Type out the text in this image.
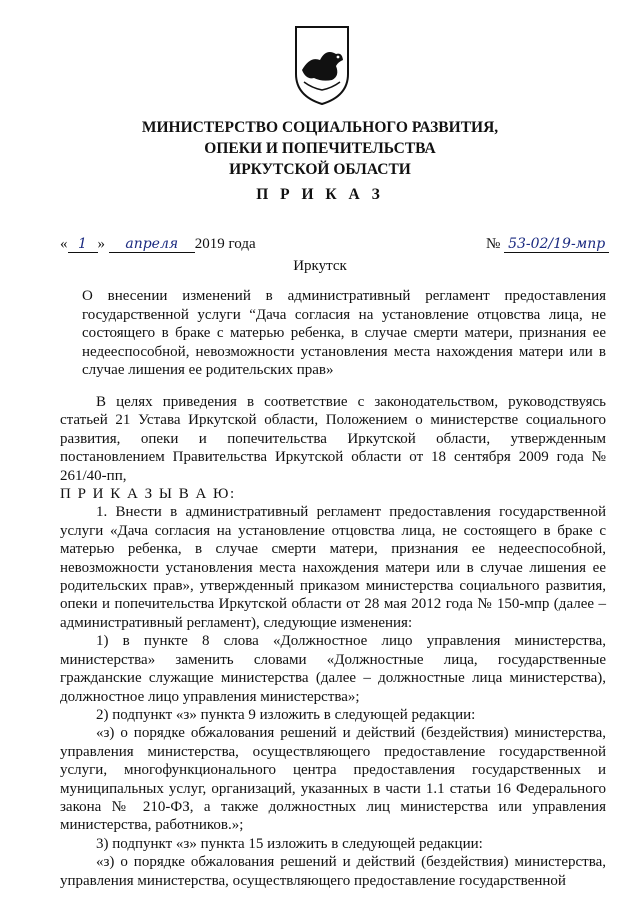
МИНИСТЕРСТВО СОЦИАЛЬНОГО РАЗВИТИЯ,
ОПЕКИ И ПОПЕЧИТЕЛЬСТВА
ИРКУТСКОЙ ОБЛАСТИ

П Р И К А З
« 1 » апреля 2019 года	№ 53-02/19-мпр
Иркутск

О внесении изменений в административный регламент предоставления государственной услуги “Дача согласия на установление отцовства лица, не состоящего в браке с матерью ребенка, в случае смерти матери, признания ее недееспособной, невозможности установления места нахождения матери или в случае лишения ее родительских прав»

В целях приведения в соответствие с законодательством, руководствуясь статьей 21 Устава Иркутской области, Положением о министерстве социального развития, опеки и попечительства Иркутской области, утвержденным постановлением Правительства Иркутской области от 18 сентября 2009 года № 261/40-пп,

П Р И К А З Ы В А Ю:

1. Внести в административный регламент предоставления государственной услуги «Дача согласия на установление отцовства лица, не состоящего в браке с матерью ребенка, в случае смерти матери, признания ее недееспособной, невозможности установления места нахождения матери или в случае лишения ее родительских прав», утвержденный приказом министерства социального развития, опеки и попечительства Иркутской области от 28 мая 2012 года № 150-мпр (далее – административный регламент), следующие изменения:

1) в пункте 8 слова «Должностное лицо управления министерства, министерства» заменить словами «Должностные лица, государственные гражданские служащие министерства (далее – должностные лица министерства), должностное лицо управления министерства»;

2) подпункт «з» пункта 9 изложить в следующей редакции:

«з) о порядке обжалования решений и действий (бездействия) министерства, управления министерства, осуществляющего предоставление государственной услуги, многофункционального центра предоставления государственных и муниципальных услуг, организаций, указанных в части 1.1 статьи 16 Федерального закона № 210-ФЗ, а также должностных лиц министерства или управления министерства, работников.»;

3) подпункт «з» пункта 15 изложить в следующей редакции:

«з) о порядке обжалования решений и действий (бездействия) министерства, управления министерства, осуществляющего предоставление государственной
